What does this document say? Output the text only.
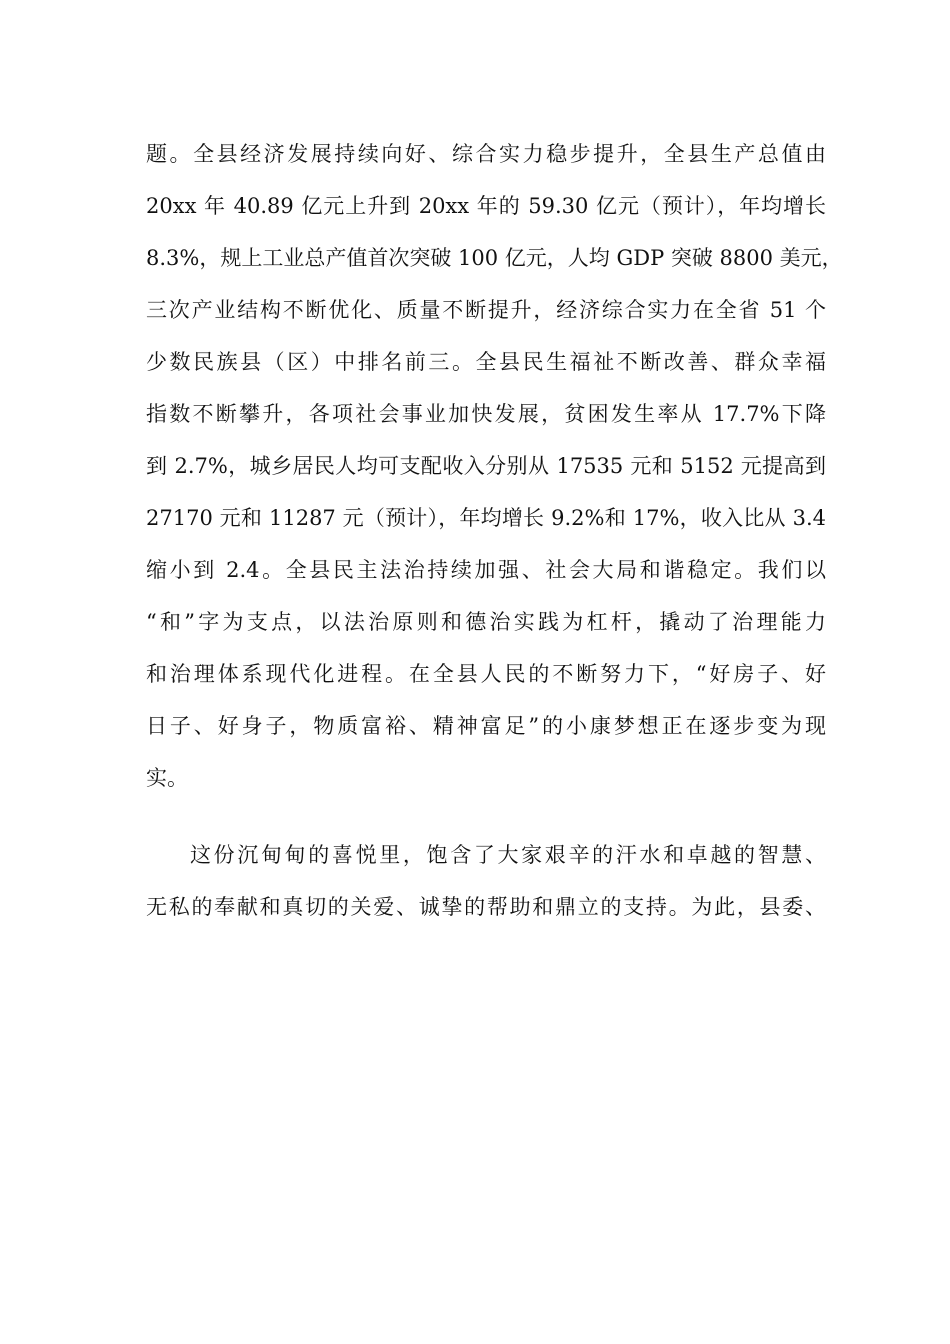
题。全县经济发展持续向好、综合实力稳步提升，全县生产总值由
20xx 年 40.89 亿元上升到 20xx 年的 59.30 亿元（预计），年均增长
8.3%，规上工业总产值首次突破 100 亿元，人均 GDP 突破 8800 美元，
三次产业结构不断优化、质量不断提升，经济综合实力在全省 51 个
少数民族县（区）中排名前三。全县民生福祉不断改善、群众幸福
指数不断攀升，各项社会事业加快发展，贫困发生率从 17.7%下降
到 2.7%，城乡居民人均可支配收入分别从 17535 元和 5152 元提高到
27170 元和 11287 元（预计），年均增长 9.2%和 17%，收入比从 3.4
缩小到 2.4。全县民主法治持续加强、社会大局和谐稳定。我们以
“和”字为支点，以法治原则和德治实践为杠杆，撬动了治理能力
和治理体系现代化进程。在全县人民的不断努力下，“好房子、好
日子、好身子，物质富裕、精神富足”的小康梦想正在逐步变为现
实。
这份沉甸甸的喜悦里，饱含了大家艰辛的汗水和卓越的智慧、
无私的奉献和真切的关爱、诚挚的帮助和鼎立的支持。为此，县委、
